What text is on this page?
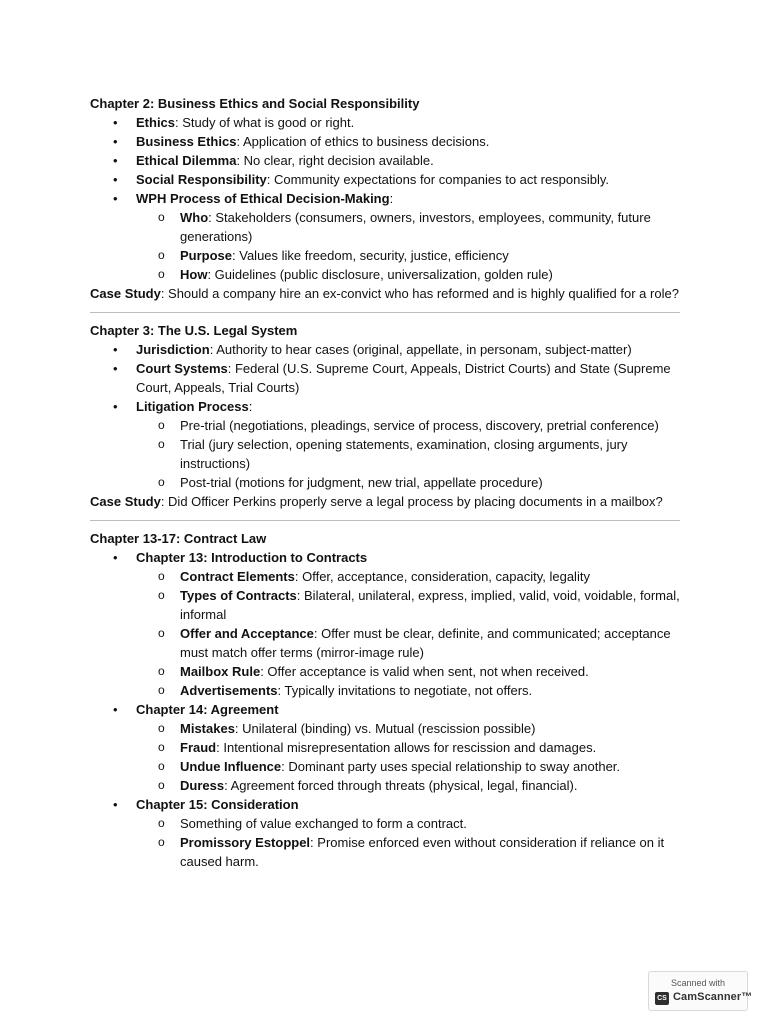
Chapter 2: Business Ethics and Social Responsibility
• Ethics: Study of what is good or right.
• Business Ethics: Application of ethics to business decisions.
• Ethical Dilemma: No clear, right decision available.
• Social Responsibility: Community expectations for companies to act responsibly.
• WPH Process of Ethical Decision-Making:
o Who: Stakeholders (consumers, owners, investors, employees, community, future generations)
o Purpose: Values like freedom, security, justice, efficiency
o How: Guidelines (public disclosure, universalization, golden rule)
Case Study: Should a company hire an ex-convict who has reformed and is highly qualified for a role?
Chapter 3: The U.S. Legal System
• Jurisdiction: Authority to hear cases (original, appellate, in personam, subject-matter)
• Court Systems: Federal (U.S. Supreme Court, Appeals, District Courts) and State (Supreme Court, Appeals, Trial Courts)
• Litigation Process:
o Pre-trial (negotiations, pleadings, service of process, discovery, pretrial conference)
o Trial (jury selection, opening statements, examination, closing arguments, jury instructions)
o Post-trial (motions for judgment, new trial, appellate procedure)
Case Study: Did Officer Perkins properly serve a legal process by placing documents in a mailbox?
Chapter 13-17: Contract Law
• Chapter 13: Introduction to Contracts
o Contract Elements: Offer, acceptance, consideration, capacity, legality
o Types of Contracts: Bilateral, unilateral, express, implied, valid, void, voidable, formal, informal
o Offer and Acceptance: Offer must be clear, definite, and communicated; acceptance must match offer terms (mirror-image rule)
o Mailbox Rule: Offer acceptance is valid when sent, not when received.
o Advertisements: Typically invitations to negotiate, not offers.
• Chapter 14: Agreement
o Mistakes: Unilateral (binding) vs. Mutual (rescission possible)
o Fraud: Intentional misrepresentation allows for rescission and damages.
o Undue Influence: Dominant party uses special relationship to sway another.
o Duress: Agreement forced through threats (physical, legal, financial).
• Chapter 15: Consideration
o Something of value exchanged to form a contract.
o Promissory Estoppel: Promise enforced even without consideration if reliance on it caused harm.
Scanned with
CS CamScanner™
